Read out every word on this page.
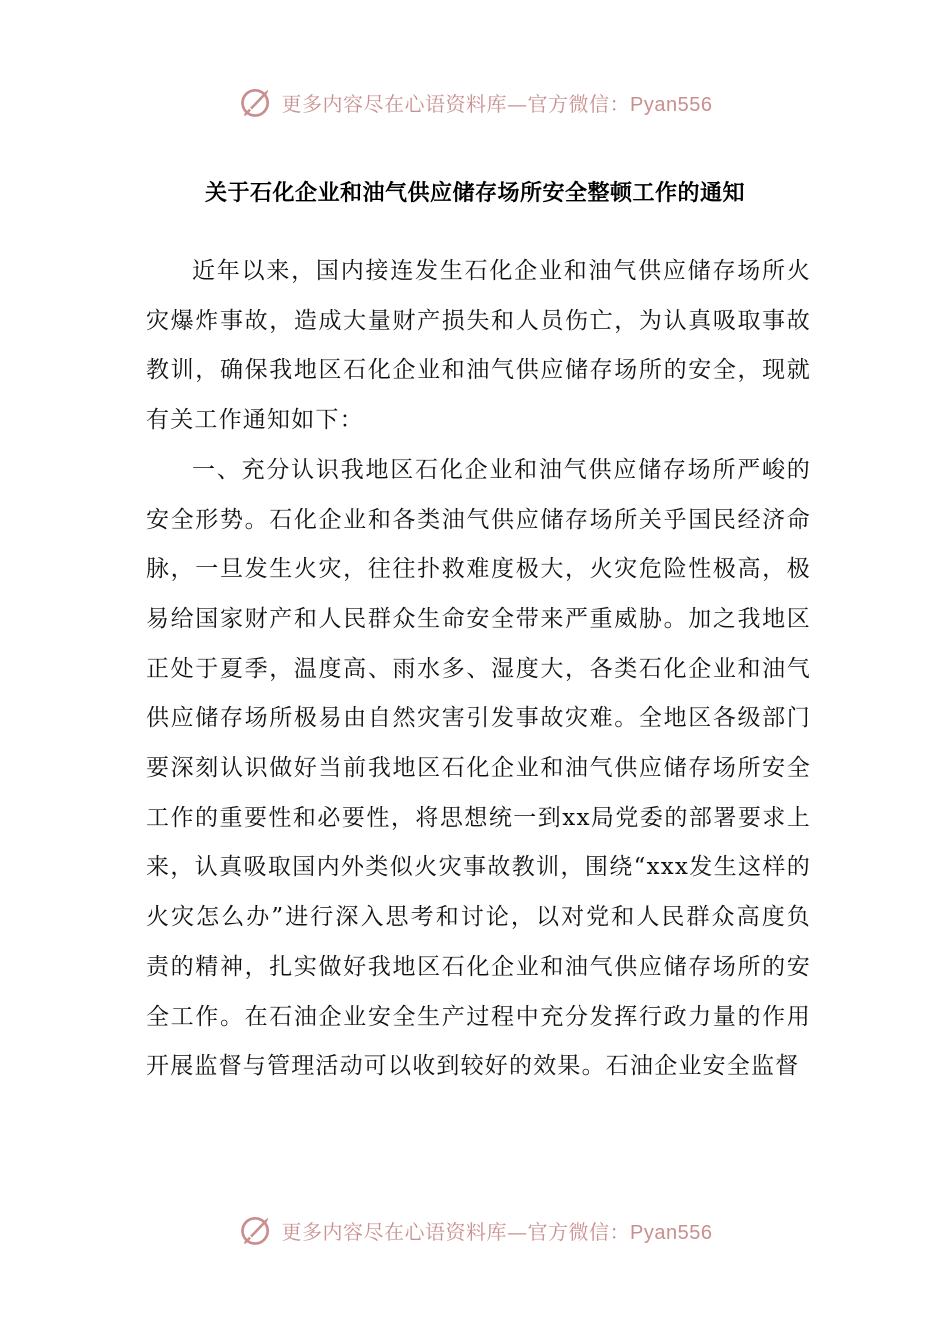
更多内容尽在心语资料库—官方微信：Pyan556
关于石化企业和油气供应储存场所安全整顿工作的通知

近年以来，国内接连发生石化企业和油气供应储存场所火灾爆炸事故，造成大量财产损失和人员伤亡，为认真吸取事故教训，确保我地区石化企业和油气供应储存场所的安全，现就有关工作通知如下：

一、充分认识我地区石化企业和油气供应储存场所严峻的安全形势。石化企业和各类油气供应储存场所关乎国民经济命脉，一旦发生火灾，往往扑救难度极大，火灾危险性极高，极易给国家财产和人民群众生命安全带来严重威胁。加之我地区正处于夏季，温度高、雨水多、湿度大，各类石化企业和油气供应储存场所极易由自然灾害引发事故灾难。全地区各级部门要深刻认识做好当前我地区石化企业和油气供应储存场所安全工作的重要性和必要性，将思想统一到xx局党委的部署要求上来，认真吸取国内外类似火灾事故教训，围绕“xxx发生这样的火灾怎么办”进行深入思考和讨论，以对党和人民群众高度负责的精神，扎实做好我地区石化企业和油气供应储存场所的安全工作。在石油企业安全生产过程中充分发挥行政力量的作用开展监督与管理活动可以收到较好的效果。石油企业安全监督

更多内容尽在心语资料库—官方微信：Pyan556
